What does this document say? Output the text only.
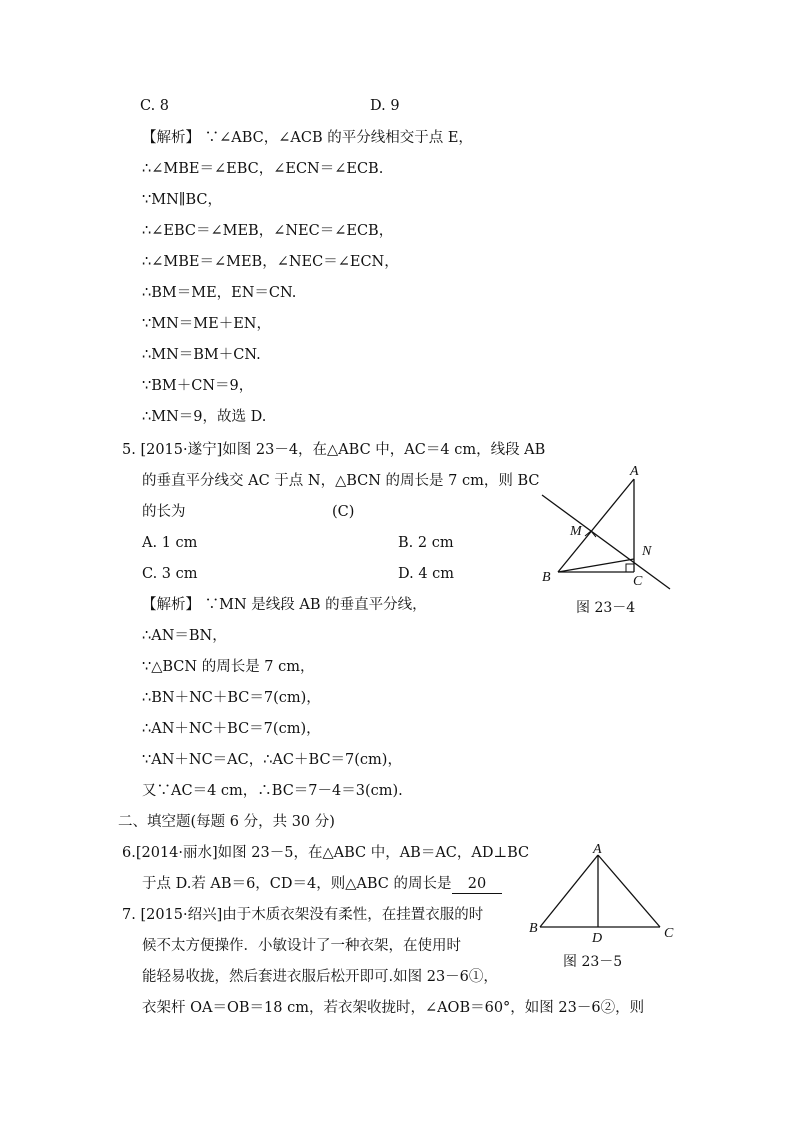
C. 8	D. 9
【解析】 ∵∠ABC，∠ACB 的平分线相交于点 E，
∴∠MBE＝∠EBC，∠ECN＝∠ECB.
∵MN∥BC，
∴∠EBC＝∠MEB，∠NEC＝∠ECB，
∴∠MBE＝∠MEB，∠NEC＝∠ECN，
∴BM＝ME，EN＝CN.
∵MN＝ME＋EN，
∴MN＝BM＋CN.
∵BM＋CN＝9，
∴MN＝9，故选 D.
5. [2015·遂宁]如图 23－4，在△ABC 中，AC＝4 cm，线段 AB
的垂直平分线交 AC 于点 N，△BCN 的周长是 7 cm，则 BC
的长为	(C)
A. 1 cm	B. 2 cm
C. 3 cm	D. 4 cm
【解析】 ∵MN 是线段 AB 的垂直平分线，
∴AN＝BN，
∵△BCN 的周长是 7 cm，
∴BN＋NC＋BC＝7(cm)，
∴AN＋NC＋BC＝7(cm)，
∵AN＋NC＝AC，∴AC＋BC＝7(cm)，
又∵AC＝4 cm，∴BC＝7－4＝3(cm).
二、填空题(每题 6 分，共 30 分)
6.[2014·丽水]如图 23－5，在△ABC 中，AB＝AC，AD⊥BC
于点 D.若 AB＝6，CD＝4，则△ABC 的周长是	20
7. [2015·绍兴]由于木质衣架没有柔性，在挂置衣服的时
候不太方便操作．小敏设计了一种衣架，在使用时
能轻易收拢，然后套进衣服后松开即可.如图 23－6①，
衣架杆 OA＝OB＝18 cm，若衣架收拢时，∠AOB＝60°，如图 23－6②，则
A
B	C
M
N
图 23－4
A
B	C
D
图 23－5
